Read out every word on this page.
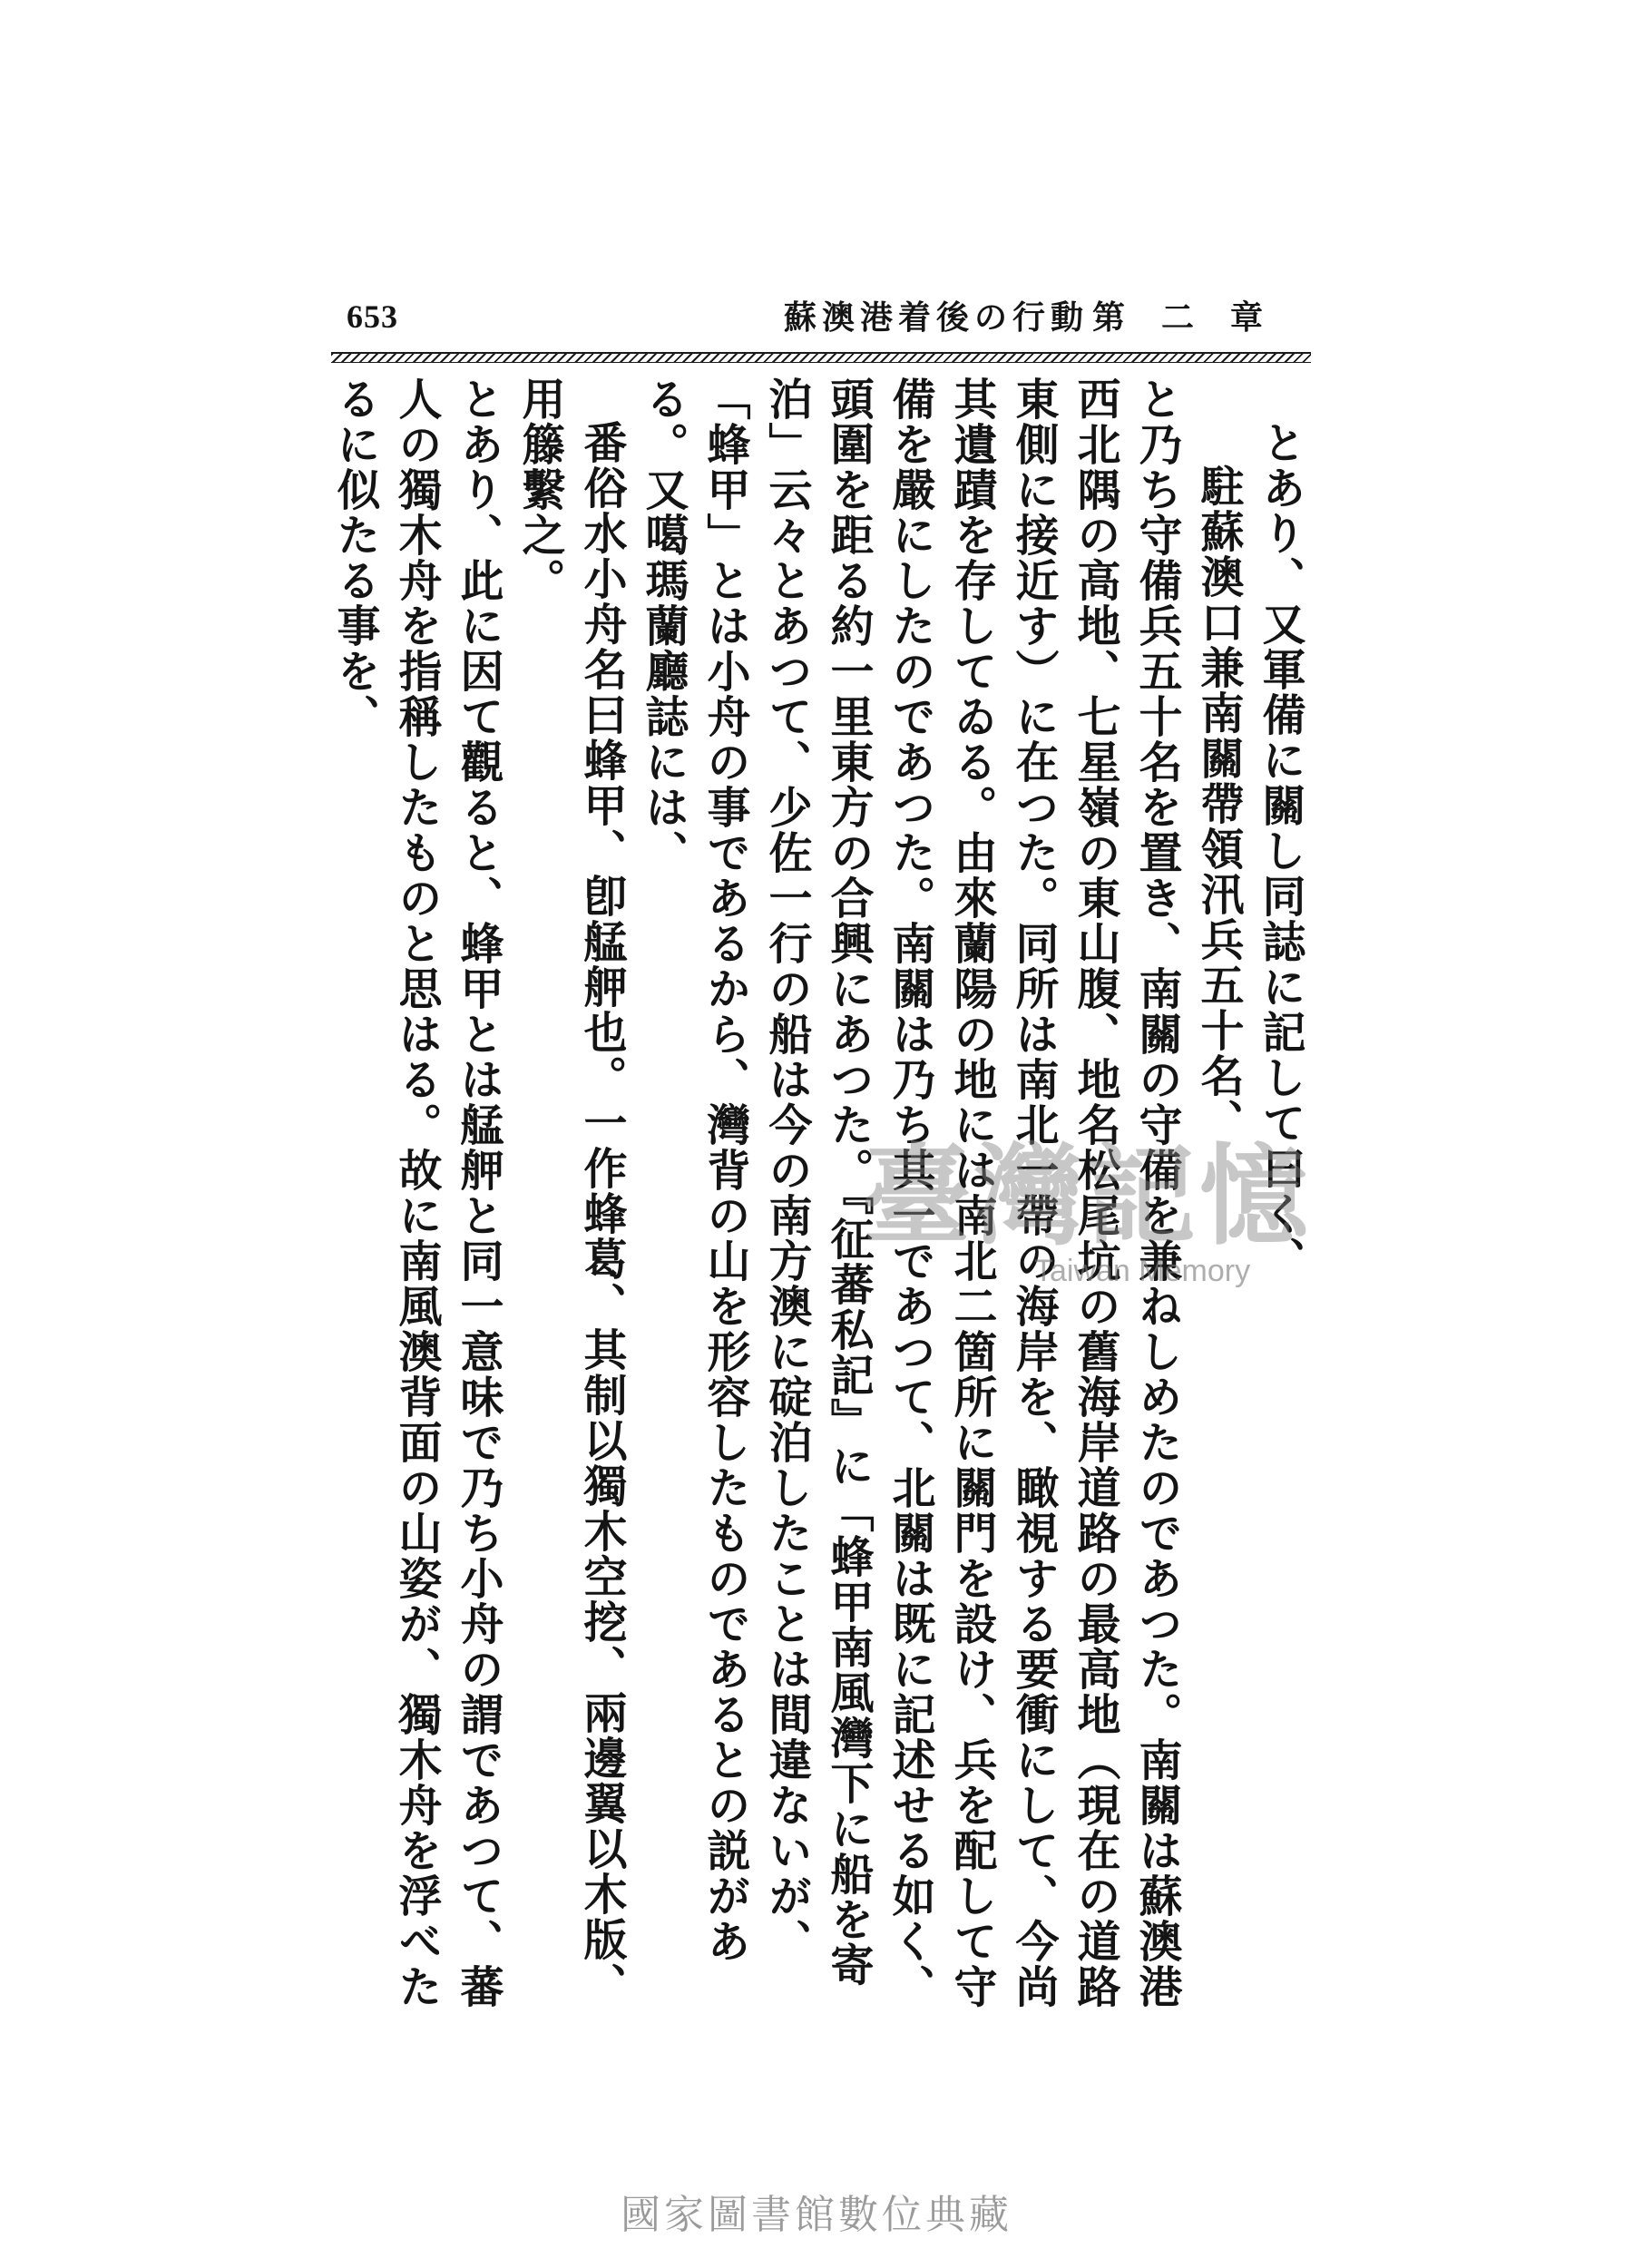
653	蘇澳港着後の行動 第二章

とあり、又軍備に關し同誌に記して曰く、

駐蘇澳口兼南關帶領汛兵五十名、

と乃ち守備兵五十名を置き、南關の守備を兼ねしめたのであつた。南關は蘇澳港西北隅の高地、七星嶺の東山腹、地名松尾坑の舊海岸道路の最高地（現在の道路東側に接近す）に在つた。同所は南北一帶の海岸を、瞰視する要衝にして、今尚其遺蹟を存してゐる。由來蘭陽の地には南北二箇所に關門を設け、兵を配して守備を嚴にしたのであつた。南關は乃ち其一であつて、北關は既に記述せる如く、頭圍を距る約一里東方の合興にあつた。『征蕃私記』に「蜂甲南風灣下に船を寄泊」云々とあつて、少佐一行の船は今の南方澳に碇泊したことは間違ないが、「蜂甲」とは小舟の事であるから、灣背の山を形容したものであるとの説がある。又噶瑪蘭廳誌には、

番俗水小舟名曰蜂甲、卽艋舺也。一作蜂葛、其制以獨木空挖、兩邊翼以木版、用籐繫之。

とあり、此に因て觀ると、蜂甲とは艋舺と同一意味で乃ち小舟の謂であつて、蕃人の獨木舟を指稱したものと思はる。故に南風澳背面の山姿が、獨木舟を浮べたるに似たる事を、

臺灣記憶
Taiwan Memory
國家圖書館數位典藏
